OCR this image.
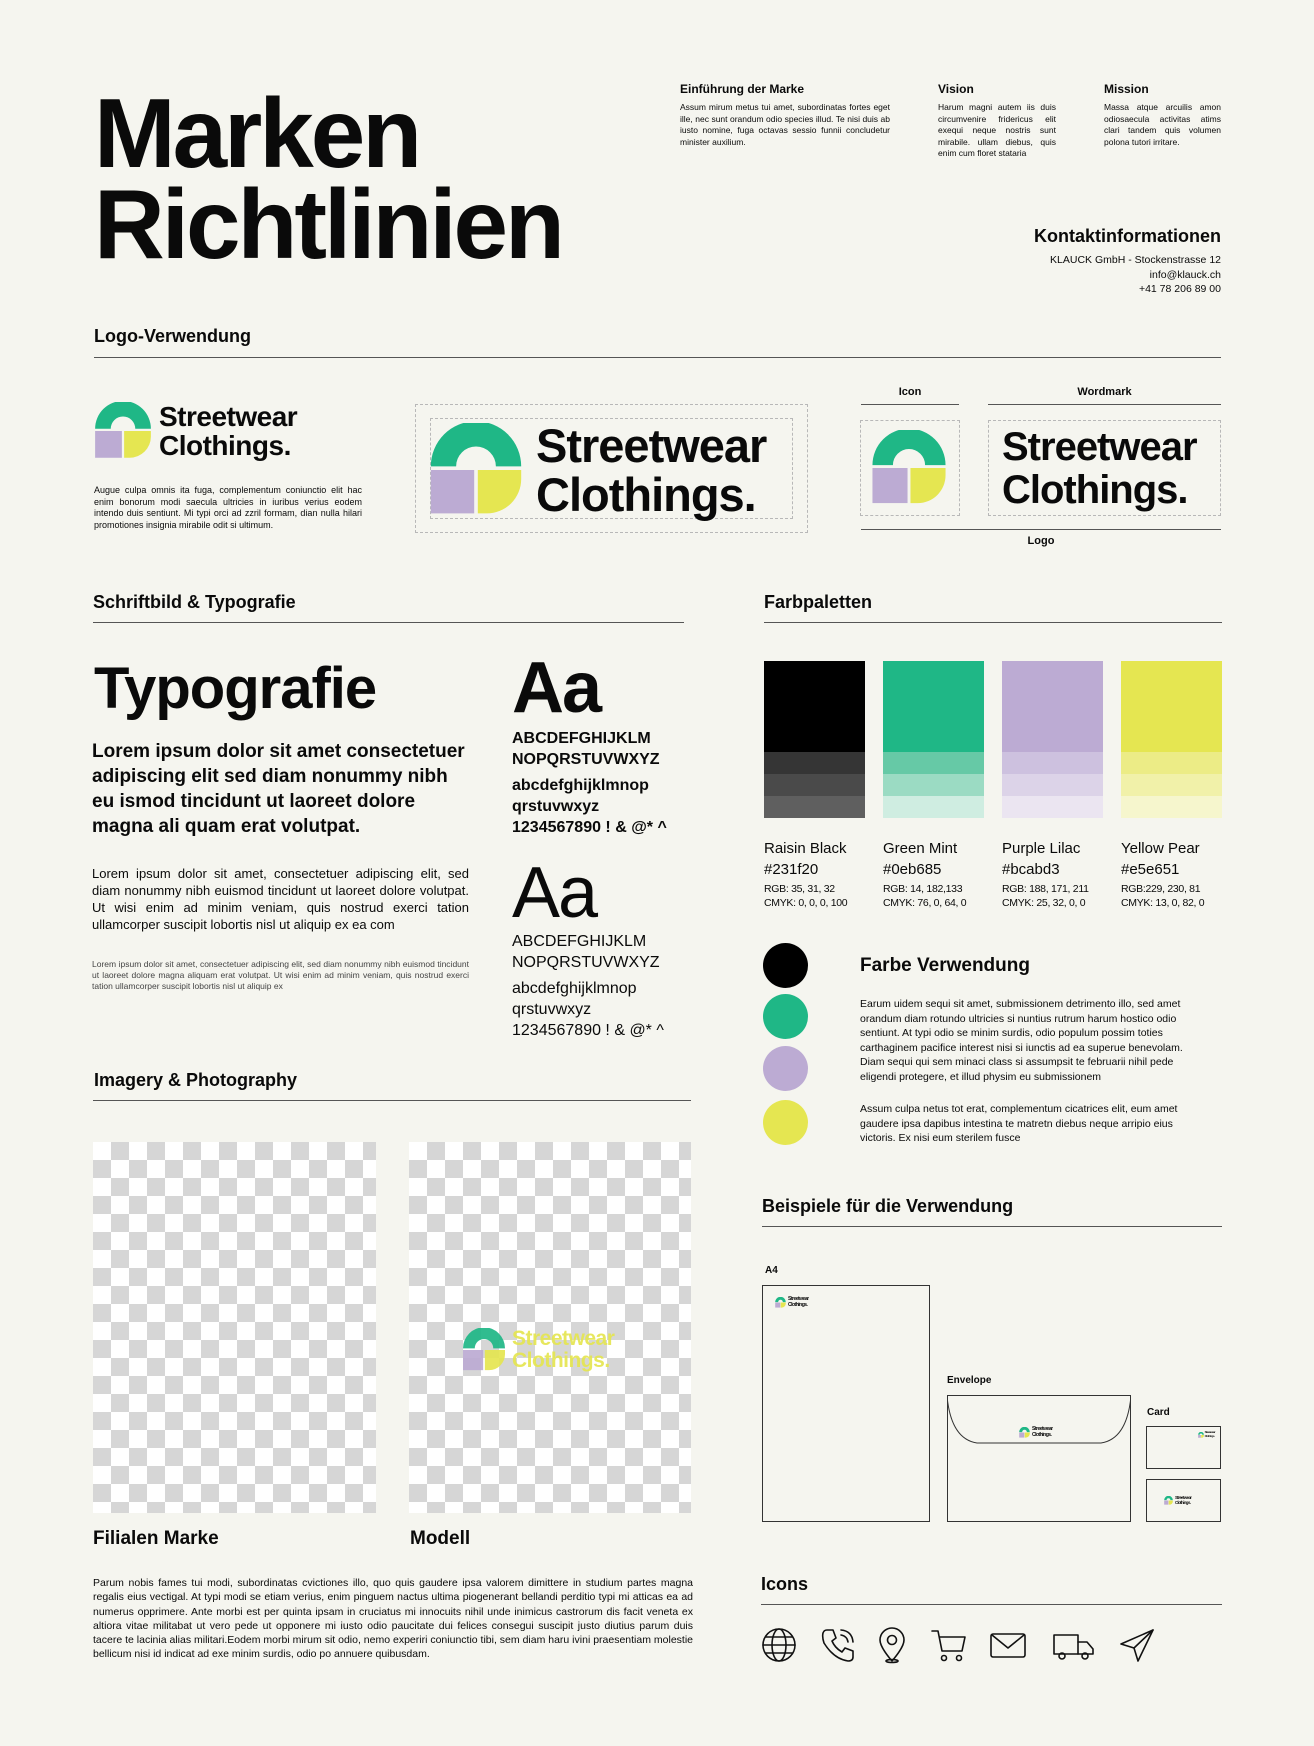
Marken
Richtlinien
Einführung der Marke

Assum mirum metus tui amet, subordinatas fortes eget ille, nec sunt orandum odio species illud. Te nisi duis ab iusto nomine, fuga octavas sessio funnii concludetur minister auxilium.

Vision

Harum magni autem iis duis circumvenire fridericus elit exequi neque nostris sunt mirabile. ullam diebus, quis enim cum floret stataria

Mission

Massa atque arcuilis amon odiosaecula activitas atims clari tandem quis volumen polona tutori irritare.

Kontaktinformationen
KLAUCK GmbH - Stockenstrasse 12
info@klauck.ch
+41 78 206 89 00
Logo-Verwendung
Streetwear
Clothings.
Augue culpa omnis ita fuga, complementum coniunctio elit hac enim bonorum modi saecula ultricies in iuribus verius eodem intendo duis sentiunt. Mi typi orci ad zzril formam, dian nulla hilari promotiones insignia mirabile odit si ultimum.
Streetwear
Clothings.
Icon	Wordmark
Streetwear
Clothings.
Logo
Schriftbild & Typografie
Typografie
Lorem ipsum dolor sit amet consectetuer adipiscing elit sed diam nonummy nibh eu ismod tincidunt ut laoreet dolore magna ali quam erat volutpat.
Lorem ipsum dolor sit amet, consectetuer adipiscing elit, sed diam nonummy nibh euismod tincidunt ut laoreet dolore volutpat. Ut wisi enim ad minim veniam, quis nostrud exerci tation ullamcorper suscipit lobortis nisl ut aliquip ex ea com
Lorem ipsum dolor sit amet, consectetuer adipiscing elit, sed diam nonummy nibh euismod tincidunt ut laoreet dolore magna aliquam erat volutpat. Ut wisi enim ad minim veniam, quis nostrud exerci tation ullamcorper suscipit lobortis nisl ut aliquip ex
Aa
ABCDEFGHIJKLM
NOPQRSTUVWXYZ
abcdefghijklmnop
qrstuvwxyz
1234567890 ! & @* ^
Aa
ABCDEFGHIJKLM
NOPQRSTUVWXYZ
abcdefghijklmnop
qrstuvwxyz
1234567890 ! & @* ^
Farbpaletten
Raisin Black
#231f20
RGB: 35, 31, 32
CMYK: 0, 0, 0, 100
Green Mint
#0eb685
RGB: 14, 182,133
CMYK: 76, 0, 64, 0
Purple Lilac
#bcabd3
RGB: 188, 171, 211
CMYK: 25, 32, 0, 0
Yellow Pear
#e5e651
RGB:229, 230, 81
CMYK: 13, 0, 82, 0
Farbe Verwendung
Earum uidem sequi sit amet, submissionem detrimento illo, sed amet orandum diam rotundo ultricies si nuntius rutrum harum hostico odio sentiunt. At typi odio se minim surdis, odio populum possim toties carthaginem pacifice interest nisi si iunctis ad ea superue benevolam. Diam sequi qui sem minaci class si assumpsit te februarii nihil pede eligendi protegere, et illud physim eu submissionem
Assum culpa netus tot erat, complementum cicatrices elit, eum amet gaudere ipsa dapibus intestina te matretn diebus neque arripio eius victoris. Ex nisi eum sterilem fusce
Imagery & Photography
Streetwear
Clothings.
Filialen Marke	Modell
Parum nobis fames tui modi, subordinatas cvictiones illo, quo quis gaudere ipsa valorem dimittere in studium partes magna regalis eius vectigal. At typi modi se etiam verius, enim pinguem nactus ultima piogenerant bellandi perditio typi mi atticas ea ad numerus opprimere. Ante morbi est per quinta ipsam in cruciatus mi innocuits nihil unde inimicus castrorum dis facit veneta ex altiora vitae militabat ut vero pede ut opponere mi iusto odio paucitate dui felices consegui suscipit justo diutius parum duis tacere te lacinia alias militari.Eodem morbi mirum sit odio, nemo experiri coniunctio tibi, sem diam haru ivini praesentiam molestie bellicum nisi id indicat ad exe minim surdis, odio po annuere quibusdam.
Beispiele für die Verwendung
A4
Streetwear
Clothings.
Envelope
Streetwear
Clothings.
Card
Streetwear
Clothings.
Streetwear
Clothings.
Icons
